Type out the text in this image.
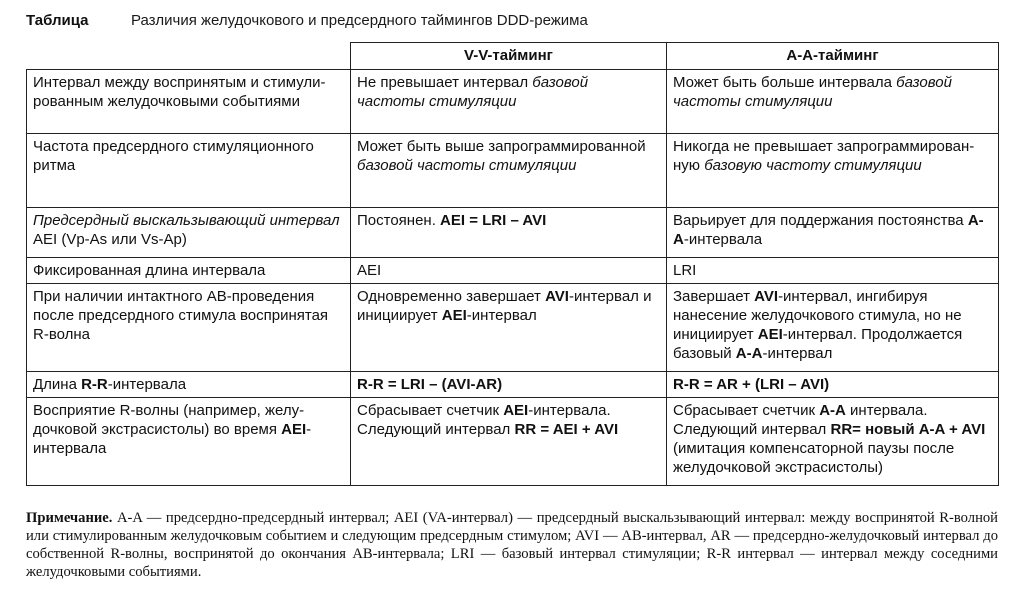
Таблица	Различия желудочкового и предсердного таймингов DDD-режима
	V-V-тайминг	A-A-тайминг
Интервал между воспринятым и стимули-рованным желудочковыми событиями	Не превышает интервал базовой частоты стимуляции	Может быть больше интервала базовой частоты стимуляции
Частота предсердного стимуляционного ритма	Может быть выше запрограммированной базовой частоты стимуляции	Никогда не превышает запрограммирован-ную базовую частоту стимуляции
Предсердный выскальзывающий интервал AEI (Vp-As или Vs-Ap)	Постоянен. AEI = LRI – AVI	Варьирует для поддержания постоянства A-A-интервала
Фиксированная длина интервала	AEI	LRI
При наличии интактного АВ-проведения после предсердного стимула воспринятая R-волна	Одновременно завершает AVI-интервал и инициирует AEI-интервал	Завершает AVI-интервал, ингибируя нанесение желудочкового стимула, но не инициирует AEI-интервал. Продолжается базовый A-A-интервал
Длина R-R-интервала	R-R = LRI – (AVI-AR)	R-R = AR + (LRI – AVI)
Восприятие R-волны (например, желу-дочковой экстрасистолы) во время AEI-интервала	Сбрасывает счетчик AEI-интервала. Следующий интервал RR = AEI + AVI	Сбрасывает счетчик A-A интервала. Следующий интервал RR= новый A-A + AVI (имитация компенсаторной паузы после желудочковой экстрасистолы)
Примечание. A-A — предсердно-предсердный интервал; AEI (VA-интервал) — предсердный выскальзывающий интервал: между воспринятой R-волной или стимулированным желудочковым событием и следующим предсердным стимулом; AVI — АВ-интервал, AR — предсердно-желудочковый интервал до собственной R-волны, воспринятой до окончания АВ-интервала; LRI — базовый интервал стимуляции; R-R интервал — интервал между соседними желудочковыми событиями.
